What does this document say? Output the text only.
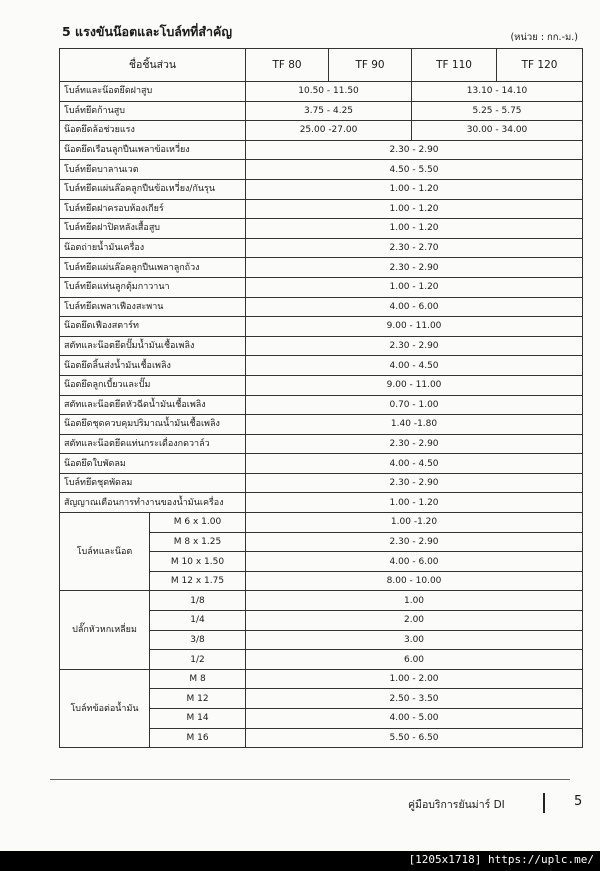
5 แรงขันน๊อตและโบล์ทที่สำคัญ	(หน่วย : กก.-ม.)
ชื่อชิ้นส่วน		TF 80	TF 90	TF 110	TF 120
โบล์ทและน๊อตยึดฝาสูบ		10.50 - 11.50		13.10 - 14.10	
โบล์ทยึดก้านสูบ		3.75 - 4.25		5.25 - 5.75	
น๊อตยึดล้อช่วยแรง		25.00 -27.00		30.00 - 34.00	
น๊อตยึดเรือนลูกปืนเพลาข้อเหวี่ยง		2.30 - 2.90			
โบล์ทยึดบาลานเวต		4.50 - 5.50			
โบล์ทยึดแผ่นล๊อคลูกปืนข้อเหวี่ยง/กันรุน		1.00 - 1.20			
โบล์ทยึดฝาครอบห้องเกียร์		1.00 - 1.20			
โบล์ทยึดฝาปิดหลังเสื้อสูบ		1.00 - 1.20			
น๊อตถ่ายน้ำมันเครื่อง		2.30 - 2.70			
โบล์ทยึดแผ่นล๊อคลูกปืนเพลาลูกถ้วง		2.30 - 2.90			
โบล์ทยึดแท่นลูกตุ้มกาวานา		1.00 - 1.20			
โบล์ทยึดเพลาเฟืองสะพาน		4.00 - 6.00			
น๊อตยึดเฟืองสตาร์ท		9.00 - 11.00			
สตัทและน๊อตยึดปั๊มน้ำมันเชื้อเพลิง		2.30 - 2.90			
น๊อตยึดลิ้นส่งน้ำมันเชื้อเพลิง		4.00 - 4.50			
น๊อตยึดลูกเบี้ยวและปั๊ม		9.00 - 11.00			
สตัทและน๊อตยึดหัวฉีดน้ำมันเชื้อเพลิง		0.70 - 1.00			
น๊อตยึดชุดควบคุมปริมาณน้ำมันเชื้อเพลิง		1.40 -1.80			
สตัทและน๊อตยึดแท่นกระเดื่องกดวาล์ว		2.30 - 2.90			
น๊อตยึดใบพัดลม		4.00 - 4.50			
โบล์ทยึดชุดพัดลม		2.30 - 2.90			
สัญญาณเตือนการทำงานของน้ำมันเครื่อง		1.00 - 1.20			
โบล์ทและน๊อต	M 6 x 1.00	1.00 -1.20			
	M 8 x 1.25	2.30 - 2.90			
	M 10 x 1.50	4.00 - 6.00			
	M 12 x 1.75	8.00 - 10.00			
ปลั๊กหัวหกเหลี่ยม	1/8	1.00			
	1/4	2.00			
	3/8	3.00			
	1/2	6.00			
โบล์ทข้อต่อน้ำมัน	M 8	1.00 - 2.00			
	M 12	2.50 - 3.50			
	M 14	4.00 - 5.00			
	M 16	5.50 - 6.50			
คู่มือบริการยันม่าร์ DI	5
[1205x1718] https://uplc.me/
